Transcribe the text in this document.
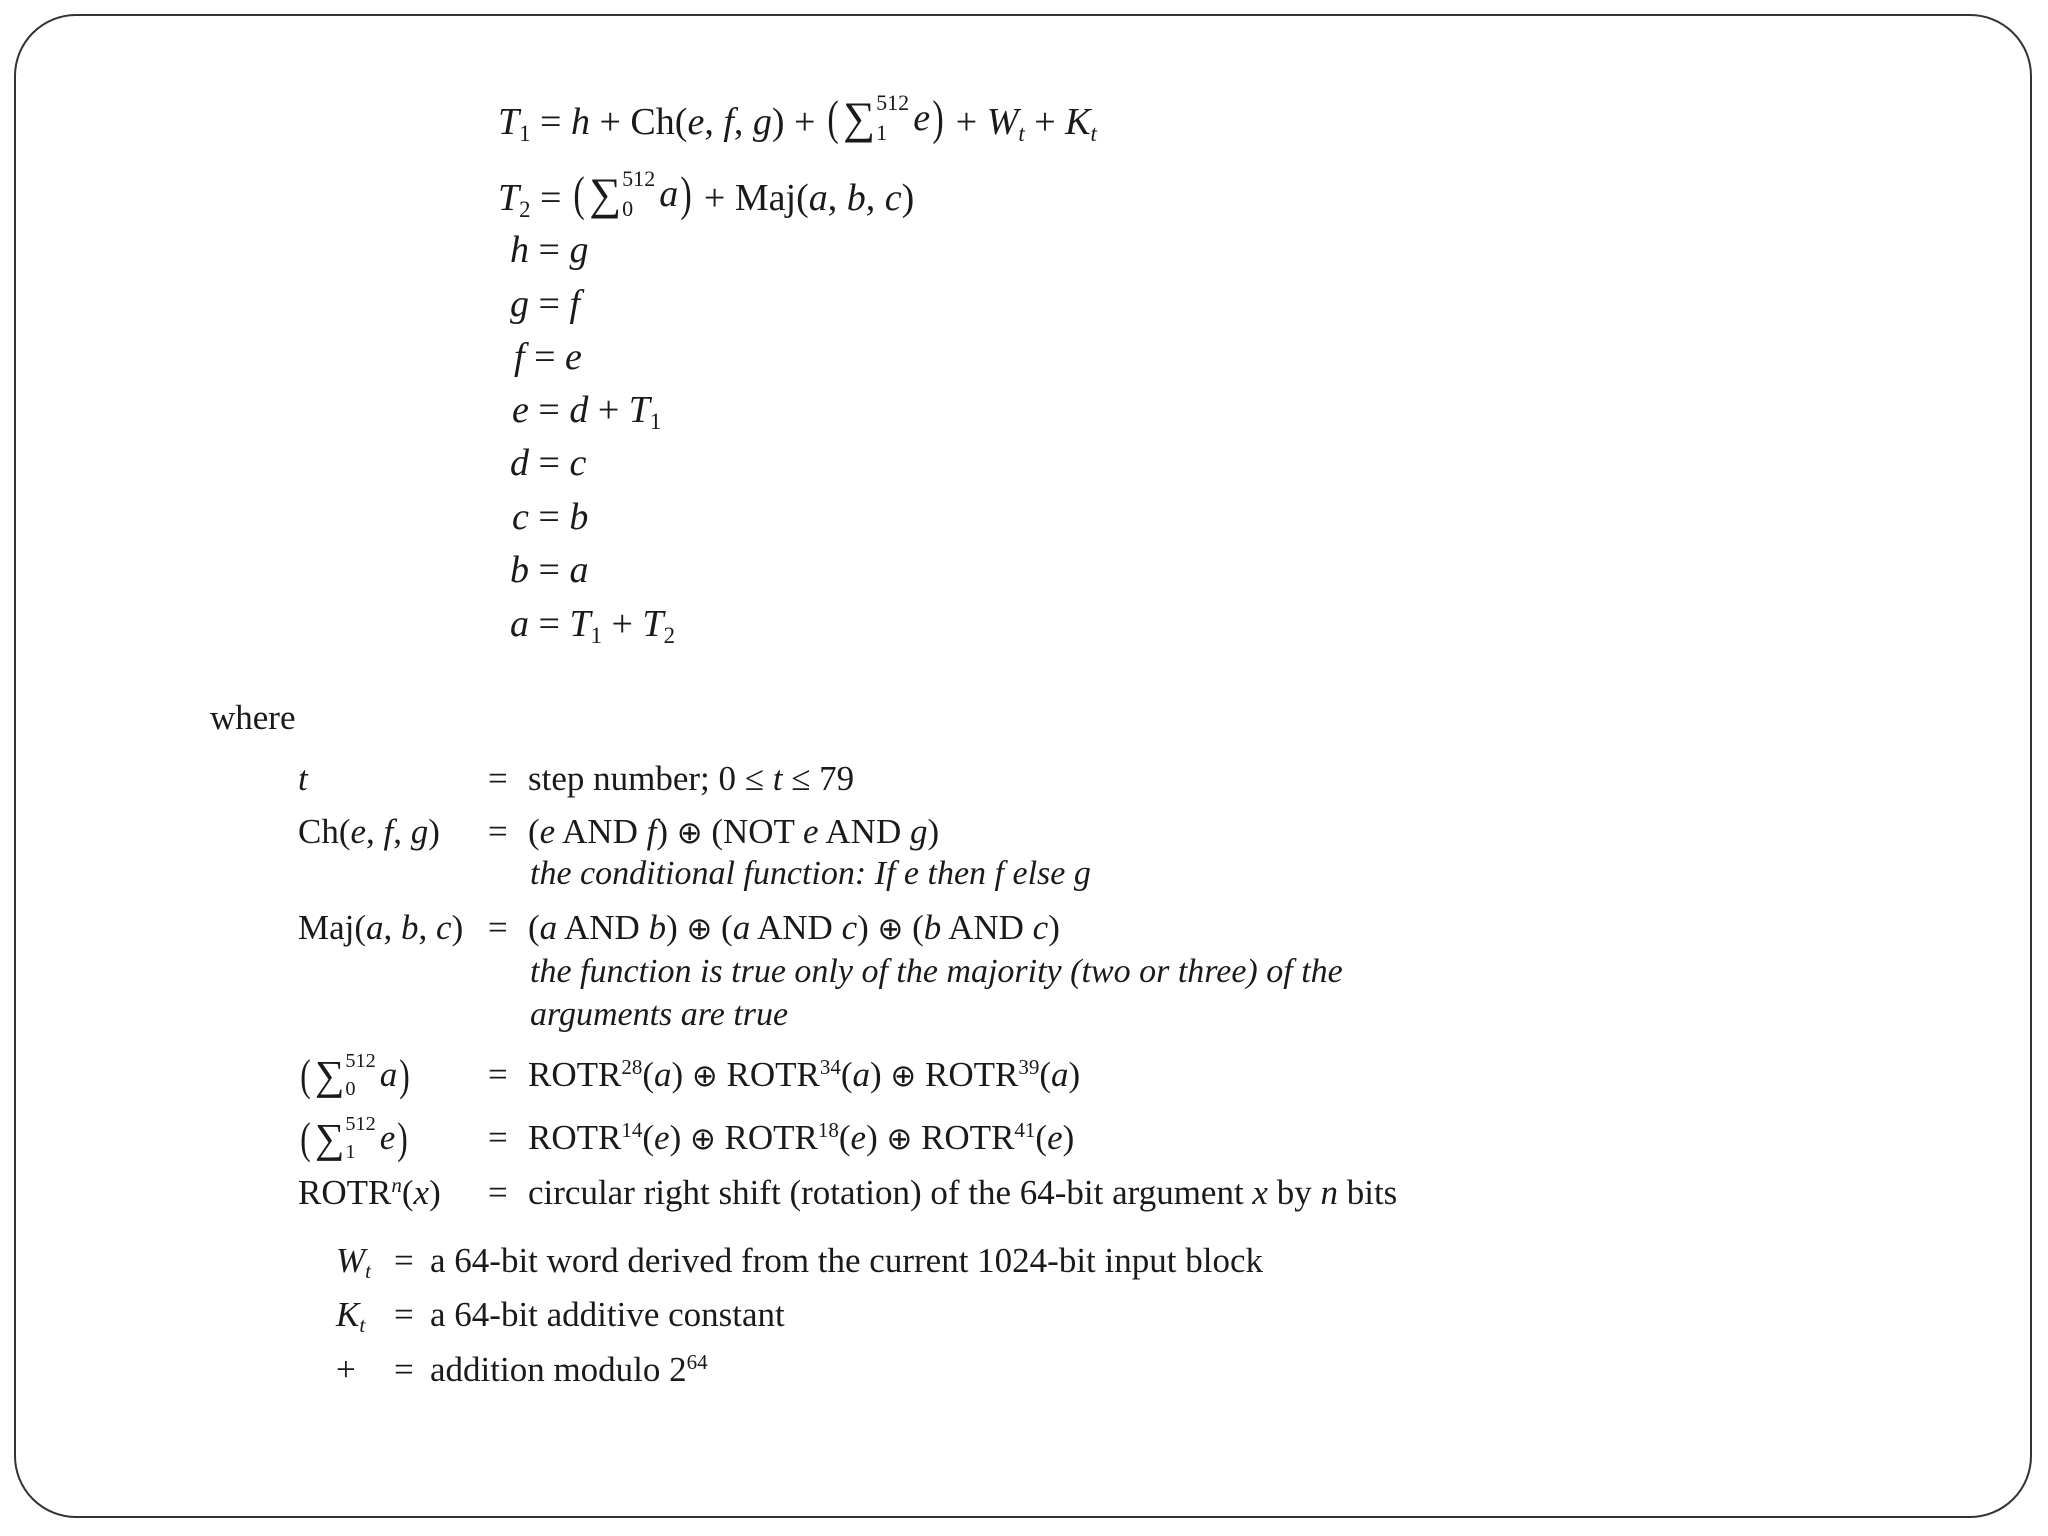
$T_1 = h + Ch(e$, f, g) + ( ∑ 512
1 e ) + $W_t + K_t$
$T_2$ = ( ∑ 512
0 a ) + Maj(a, b, c)
h = g
g = f
f = e
$e = d + T_1$
d = c
c = b
b = a
$a = T_1 + T_2$
where
t	= step number; 0 ≤ t ≤ 79
Ch(e, f, g) = (e AND f) ⊕ (NOT e AND g)
the conditional function: If e then f else g
Maj(a, b, c) = (a AND b) ⊕ (a AND c) ⊕ (b AND c)
the function is true only of the majority (two or three) of the
arguments are true
( ∑ 512
0 a ) = $ROTR^{28}(a)$ ⊕ ROTR$^{34}$(a) ⊕ ROTR$^{39}$(a)
( ∑ 512
1 e ) = $ROTR^{14}(e)$ ⊕ ROTR$^{18}$(e) ⊕ ROTR$^{41}$(e)
$ROTR^n(x)$ = circular right shift (rotation) of the 64-bit argument x by n bits
$W_t = a$ 64-bit word derived from the current 1024-bit input block
$K_t = a$ 64-bit additive constant
+ = addition modulo $2^{64}$
